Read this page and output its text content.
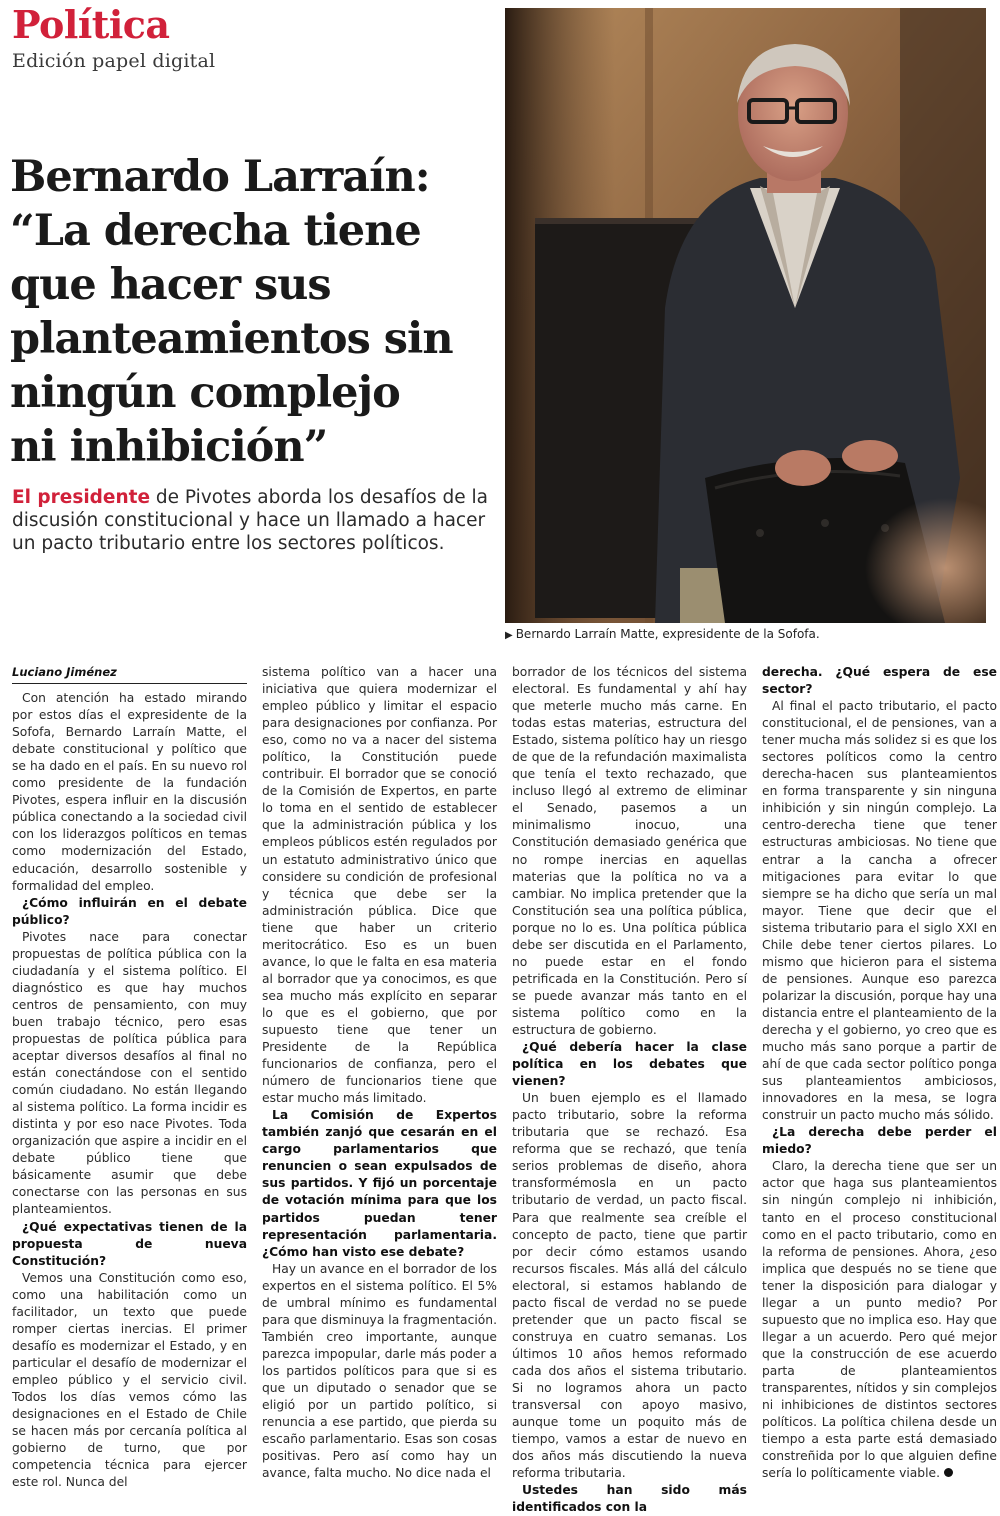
Política
Edición papel digital
Bernardo Larraín:
“La derecha tiene
que hacer sus
planteamientos sin
ningún complejo
ni inhibición”
El presidente de Pivotes aborda los desafíos de la discusión constitucional y hace un llamado a hacer un pacto tributario entre los sectores políticos.
▶ Bernardo Larraín Matte, expresidente de la Sofofa.
Luciano Jiménez

Con atención ha estado mirando por estos días el expresidente de la Sofofa, Bernardo Larraín Matte, el debate constitucional y político que se ha dado en el país. En su nuevo rol como presidente de la fundación Pivotes, espera influir en la discusión pública conectando a la sociedad civil con los liderazgos políticos en temas como modernización del Estado, educación, desarrollo sostenible y formalidad del empleo.

¿Cómo influirán en el debate público?

Pivotes nace para conectar propuestas de política pública con la ciudadanía y el sistema político. El diagnóstico es que hay muchos centros de pensamiento, con muy buen trabajo técnico, pero esas propuestas de política pública para aceptar diversos desafíos al final no están conectándose con el sentido común ciudadano. No están llegando al sistema político. La forma incidir es distinta y por eso nace Pivotes. Toda organización que aspire a incidir en el debate público tiene que básicamente asumir que debe conectarse con las personas en sus planteamientos.

¿Qué expectativas tienen de la propuesta de nueva Constitución?

Vemos una Constitución como eso, como una habilitación como un facilitador, un texto que puede romper ciertas inercias. El primer desafío es modernizar el Estado, y en particular el desafío de modernizar el empleo público y el servicio civil. Todos los días vemos cómo las designaciones en el Estado de Chile se hacen más por cercanía política al gobierno de turno, que por competencia técnica para ejercer este rol. Nunca del

sistema político van a hacer una iniciativa que quiera modernizar el empleo público y limitar el espacio para designaciones por confianza. Por eso, como no va a nacer del sistema político, la Constitución puede contribuir. El borrador que se conoció de la Comisión de Expertos, en parte lo toma en el sentido de establecer que la administración pública y los empleos públicos estén regulados por un estatuto administrativo único que considere su condición de profesional y técnica que debe ser la administración pública. Dice que tiene que haber un criterio meritocrático. Eso es un buen avance, lo que le falta en esa materia al borrador que ya conocimos, es que sea mucho más explícito en separar lo que es el gobierno, que por supuesto tiene que tener un Presidente de la República funcionarios de confianza, pero el número de funcionarios tiene que estar mucho más limitado.

La Comisión de Expertos también zanjó que cesarán en el cargo parlamentarios que renuncien o sean expulsados de sus partidos. Y fijó un porcentaje de votación mínima para que los partidos puedan tener representación parlamentaria. ¿Cómo han visto ese debate?

Hay un avance en el borrador de los expertos en el sistema político. El 5% de umbral mínimo es fundamental para que disminuya la fragmentación. También creo importante, aunque parezca impopular, darle más poder a los partidos políticos para que si es que un diputado o senador que se eligió por un partido político, si renuncia a ese partido, que pierda su escaño parlamentario. Esas son cosas positivas. Pero así como hay un avance, falta mucho. No dice nada el

borrador de los técnicos del sistema electoral. Es fundamental y ahí hay que meterle mucho más carne. En todas estas materias, estructura del Estado, sistema político hay un riesgo de que de la refundación maximalista que tenía el texto rechazado, que incluso llegó al extremo de eliminar el Senado, pasemos a un minimalismo inocuo, una Constitución demasiado genérica que no rompe inercias en aquellas materias que la política no va a cambiar. No implica pretender que la Constitución sea una política pública, porque no lo es. Una política pública debe ser discutida en el Parlamento, no puede estar en el fondo petrificada en la Constitución. Pero sí se puede avanzar más tanto en el sistema político como en la estructura de gobierno.

¿Qué debería hacer la clase política en los debates que vienen?

Un buen ejemplo es el llamado pacto tributario, sobre la reforma tributaria que se rechazó. Esa reforma que se rechazó, que tenía serios problemas de diseño, ahora transformémosla en un pacto tributario de verdad, un pacto fiscal. Para que realmente sea creíble el concepto de pacto, tiene que partir por decir cómo estamos usando recursos fiscales. Más allá del cálculo electoral, si estamos hablando de pacto fiscal de verdad no se puede pretender que un pacto fiscal se construya en cuatro semanas. Los últimos 10 años hemos reformado cada dos años el sistema tributario. Si no logramos ahora un pacto transversal con apoyo masivo, aunque tome un poquito más de tiempo, vamos a estar de nuevo en dos años más discutiendo la nueva reforma tributaria.

Ustedes han sido más identificados con la

derecha. ¿Qué espera de ese sector?

Al final el pacto tributario, el pacto constitucional, el de pensiones, van a tener mucha más solidez si es que los sectores políticos como la centro derecha-hacen sus planteamientos en forma transparente y sin ninguna inhibición y sin ningún complejo. La centro-derecha tiene que tener estructuras ambiciosas. No tiene que entrar a la cancha a ofrecer mitigaciones para evitar lo que siempre se ha dicho que sería un mal mayor. Tiene que decir que el sistema tributario para el siglo XXI en Chile debe tener ciertos pilares. Lo mismo que hicieron para el sistema de pensiones. Aunque eso parezca polarizar la discusión, porque hay una distancia entre el planteamiento de la derecha y el gobierno, yo creo que es mucho más sano porque a partir de ahí de que cada sector político ponga sus planteamientos ambiciosos, innovadores en la mesa, se logra construir un pacto mucho más sólido.

¿La derecha debe perder el miedo?

Claro, la derecha tiene que ser un actor que haga sus planteamientos sin ningún complejo ni inhibición, tanto en el proceso constitucional como en el pacto tributario, como en la reforma de pensiones. Ahora, ¿eso implica que después no se tiene que tener la disposición para dialogar y llegar a un punto medio? Por supuesto que no implica eso. Hay que llegar a un acuerdo. Pero qué mejor que la construcción de ese acuerdo parta de planteamientos transparentes, nítidos y sin complejos ni inhibiciones de distintos sectores políticos. La política chilena desde un tiempo a esta parte está demasiado constreñida por lo que alguien define sería lo políticamente viable.
